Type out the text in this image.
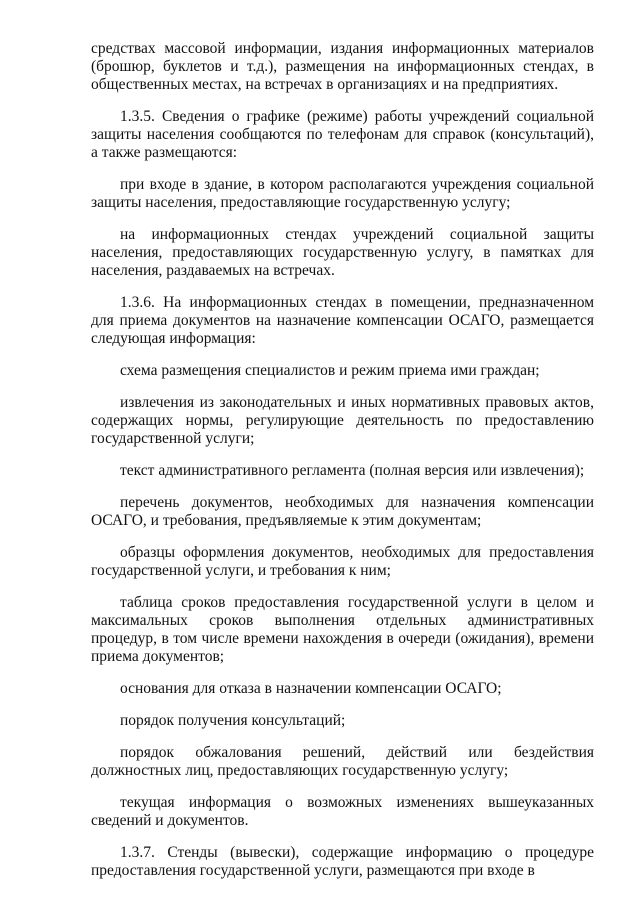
средствах массовой информации, издания информационных материалов (брошюр, буклетов и т.д.), размещения на информационных стендах, в общественных местах, на встречах в организациях и на предприятиях.

1.3.5. Сведения о графике (режиме) работы учреждений социальной защиты населения сообщаются по телефонам для справок (консультаций), а также размещаются:

при входе в здание, в котором располагаются учреждения социальной защиты населения, предоставляющие государственную услугу;

на информационных стендах учреждений социальной защиты населения, предоставляющих государственную услугу, в памятках для населения, раздаваемых на встречах.

1.3.6. На информационных стендах в помещении, предназначенном для приема документов на назначение компенсации ОСАГО, размещается следующая информация:

схема размещения специалистов и режим приема ими граждан;

извлечения из законодательных и иных нормативных правовых актов, содержащих нормы, регулирующие деятельность по предоставлению государственной услуги;

текст административного регламента (полная версия или извлечения);

перечень документов, необходимых для назначения компенсации ОСАГО, и требования, предъявляемые к этим документам;

образцы оформления документов, необходимых для предоставления государственной услуги, и требования к ним;

таблица сроков предоставления государственной услуги в целом и максимальных сроков выполнения отдельных административных процедур, в том числе времени нахождения в очереди (ожидания), времени приема документов;

основания для отказа в назначении компенсации ОСАГО;

порядок получения консультаций;

порядок обжалования решений, действий или бездействия должностных лиц, предоставляющих государственную услугу;

текущая информация о возможных изменениях вышеуказанных сведений и документов.

1.3.7. Стенды (вывески), содержащие информацию о процедуре предоставления государственной услуги, размещаются при входе в
